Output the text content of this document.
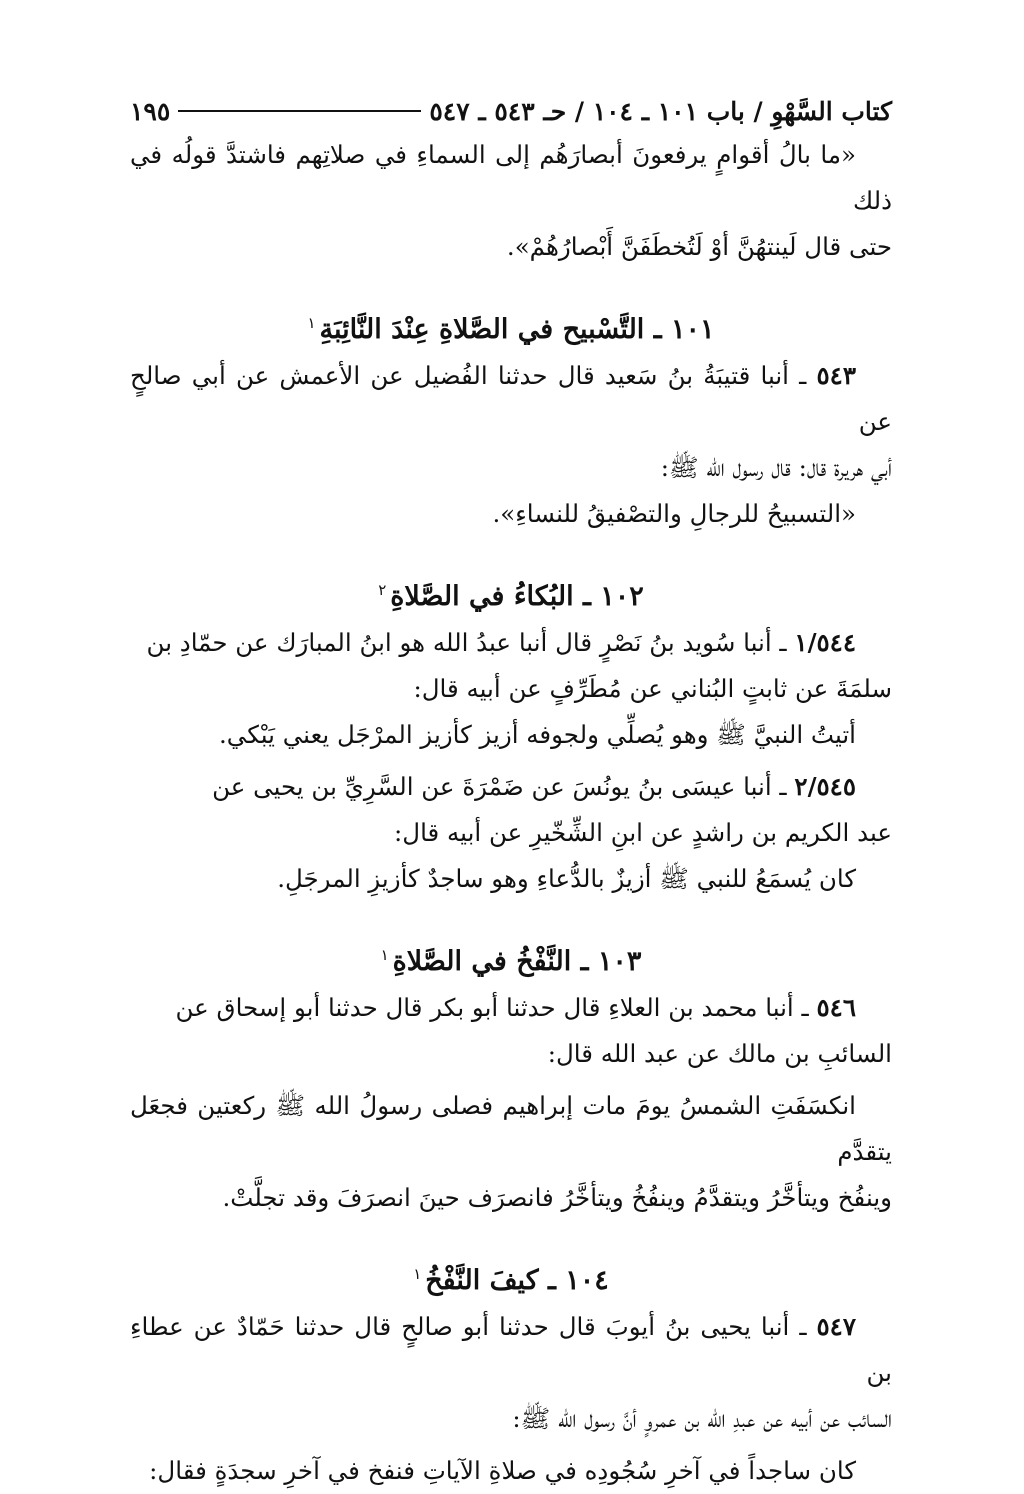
كتاب السَّهْوِ / باب ١٠١ ـ ١٠٤ / حـ ٥٤٣ ـ ٥٤٧
١٩٥

«ما بالُ أقوامٍ يرفعونَ أبصارَهُم إلى السماءِ في صلاتِهم فاشتدَّ قولُه في ذلك

حتى قال لَينتهُنَّ أوْ لَتُخطَفَنَّ أَبْصارُهُمْ».

١٠١ ـ التَّسْبيح في الصَّلاةِ عِنْدَ النَّائِبَةِ$^١$

٥٤٣ ـ أنبا قتيبَةُ بنُ سَعيد قال حدثنا الفُضيل عن الأعمش عن أبي صالحٍ عن

أبي هريرة قال: قال رسول الله ﷺ:

«التسبيحُ للرجالِ والتصْفيقُ للنساءِ».

١٠٢ ـ البُكاءُ في الصَّلاةِ$^٢$

١/٥٤٤ ـ أنبا سُويد بنُ نَصْرٍ قال أنبا عبدُ الله هو ابنُ المبارَك عن حمّادِ بن

سلمَةَ عن ثابتٍ البُناني عن مُطَرِّفٍ عن أبيه قال:

أتيتُ النبيَّ ﷺ وهو يُصلِّي ولجوفه أزيز كأزيز المرْجَل يعني يَبْكي.

٢/٥٤٥ ـ أنبا عيسَى بنُ يونُسَ عن ضَمْرَةَ عن السَّرِيِّ بن يحيى عن

عبد الكريم بن راشدٍ عن ابنِ الشِّخّيرِ عن أبيه قال:

كان يُسمَعُ للنبي ﷺ أزيزٌ بالدُّعاءِ وهو ساجدٌ كأزيزِ المرجَلِ.

١٠٣ ـ النَّفْخُ في الصَّلاةِ$^١$

٥٤٦ ـ أنبا محمد بن العلاءِ قال حدثنا أبو بكر قال حدثنا أبو إسحاق عن

السائبِ بن مالك عن عبد الله قال:

انكسَفَتِ الشمسُ يومَ مات إبراهيم فصلى رسولُ الله ﷺ ركعتين فجعَل يتقدَّم

وينفُخ ويتأخَّرُ ويتقدَّمُ وينفُخُ ويتأخَّرُ فانصرَف حينَ انصرَفَ وقد تجلَّتْ.

١٠٤ ـ كيفَ النَّفْخُ$^١$

٥٤٧ ـ أنبا يحيى بنُ أيوبَ قال حدثنا أبو صالحٍ قال حدثنا حَمّادٌ عن عطاءِ بن

السائب عن أبيه عن عبدِ الله بن عمروٍ أنَّ رسول الله ﷺ:

كان ساجداً في آخرِ سُجُودِه في صلاةِ الآياتِ فنفخ في آخرِ سجدَةٍ فقال:
